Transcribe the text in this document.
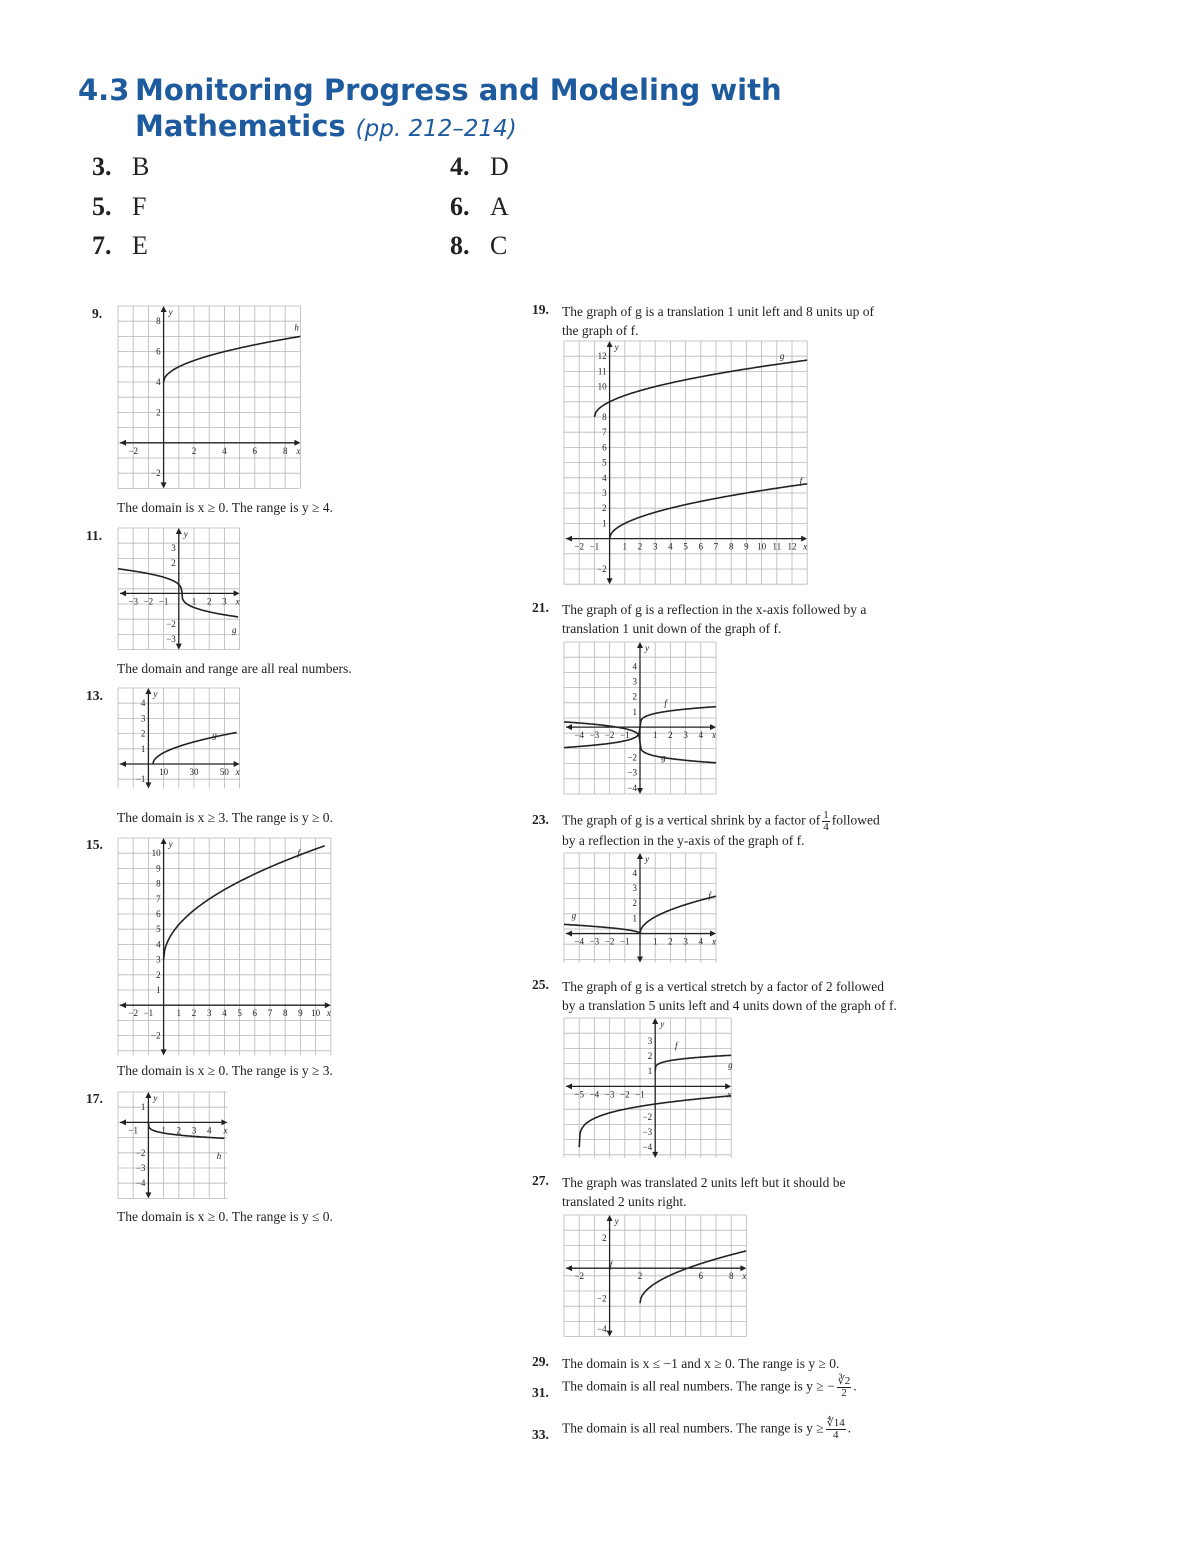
4.3 Monitoring Progress and Modeling with
Mathematics (pp. 212–214)
3. B	4. D
5. F	6. A
7. E	8. C
9.
−2	2	4	6	8
−2
2
4
6
8
x
y
h
The domain is x ≥ 0. The range is y ≥ 4.
11.
−3 −2 −1	1 2 3
−3
−2
2
3
x
y
g
The domain and range are all real numbers.
13.
10 30 50
−1
1
2
3
4
x
y
g
The domain is x ≥ 3. The range is y ≥ 0.
15.
−2 −1	1 2 3 4 5 6 7 8 9 10
−2
1
2
3
4
5
6
7
8
9
10
x
y
f
The domain is x ≥ 0. The range is y ≥ 3.
17.
−1	1 2 3 4
−4
−3
−2
1
x
y
h
The domain is x ≥ 0. The range is y ≤ 0.
19. The graph of g is a translation 1 unit left and 8 units up of
the graph of f.
−2 −1	1 2 3 4 5 6 7 8 9 10 11 12
−2
1
2
3
4
5
6
7
8
10
11
12
x
y
g
f
21. The graph of g is a reflection in the x-axis followed by a
translation 1 unit down of the graph of f.
−4 −3 −2 −1	1 2 3 4
−4
−3
−2
1
2
3
4
x
y
f
g
23. The graph of g is a vertical shrink by a factor of $\frac{1}{4}$ followed
by a reflection in the y-axis of the graph of f.
−4 −3 −2 −1	1 2 3 4
1
2
3
4
x
y
f
g
25. The graph of g is a vertical stretch by a factor of 2 followed
by a translation 5 units left and 4 units down of the graph of f.
−5 −4 −3 −2 −1
−4
−3
−2
1
2
3
x
y
f
g
27. The graph was translated 2 units left but it should be
translated 2 units right.
−2	2	6	8
−4
−2
2
x
y
f
29. The domain is x ≤ −1 and x ≥ 0. The range is y ≥ 0.
31. The domain is all real numbers. The range is y ≥ − $\frac{∛2}{2}$ .
33. The domain is all real numbers. The range is $y \ge \frac{∜14}{4}$ .
